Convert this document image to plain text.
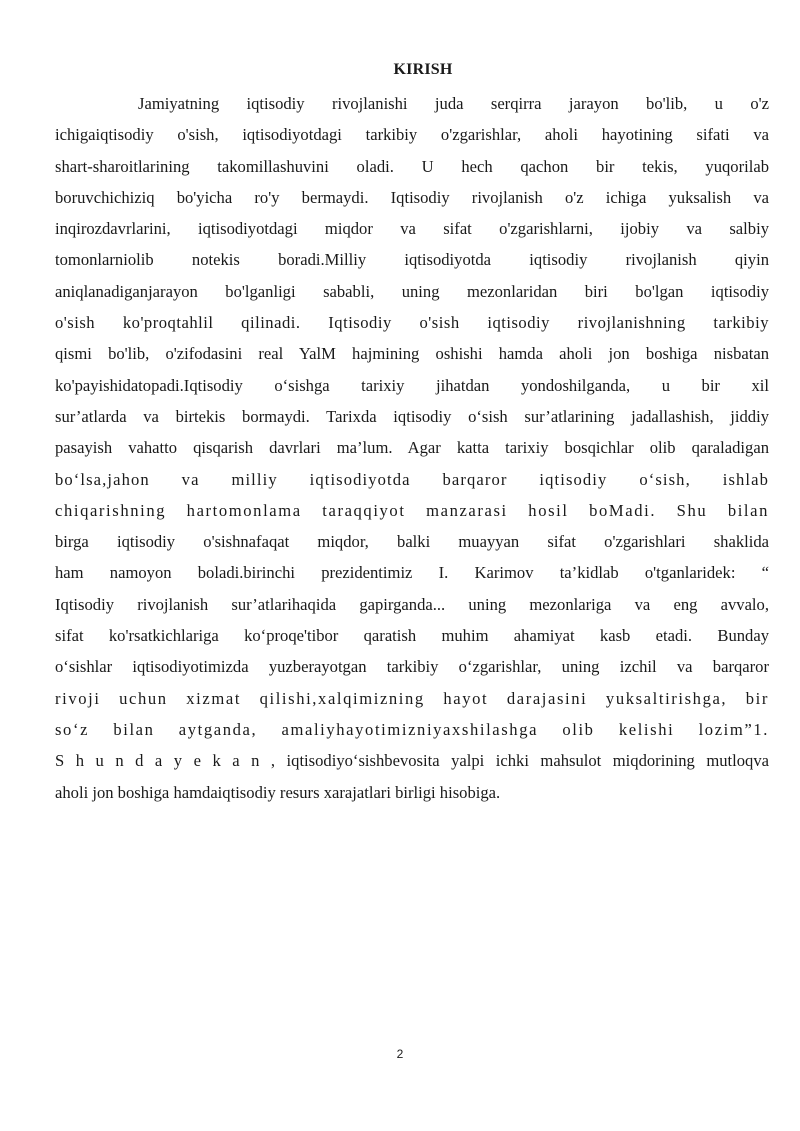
KIRISH
Jamiyatning iqtisodiy rivojlanishi juda serqirra jarayon bo'lib, u o'z
ichigaiqtisodiy o'sish, iqtisodiyotdagi tarkibiy o'zgarishlar, aholi hayotining sifati va
shart-sharoitlarining takomillashuvini oladi. U hech qachon bir tekis, yuqorilab
boruvchichiziq bo'yicha ro'y bermaydi. Iqtisodiy rivojlanish o'z ichiga yuksalish va
inqirozdavrlarini, iqtisodiyotdagi miqdor va sifat o'zgarishlarni, ijobiy va salbiy
tomonlarniolib notekis boradi.Milliy iqtisodiyotda iqtisodiy rivojlanish qiyin
aniqlanadiganjarayon bo'lganligi sababli, uning mezonlaridan biri bo'lgan iqtisodiy
o'sish ko'proqtahlil qilinadi. Iqtisodiy o'sish iqtisodiy rivojlanishning tarkibiy
qismi bo'lib, o'zifodasini real YalM hajmining oshishi hamda aholi jon boshiga nisbatan
ko'payishidatopadi.Iqtisodiy o‘sishga tarixiy jihatdan yondoshilganda, u bir xil
sur’atlarda va birtekis bormaydi. Tarixda iqtisodiy o‘sish sur’atlarining jadallashish, jiddiy
pasayish vahatto qisqarish davrlari ma’lum. Agar katta tarixiy bosqichlar olib qaraladigan
bo‘lsa,jahon va milliy iqtisodiyotda barqaror iqtisodiy o‘sish, ishlab
chiqarishning hartomonlama taraqqiyot manzarasi hosil boMadi. Shu bilan
birga iqtisodiy o'sishnafaqat miqdor, balki muayyan sifat o'zgarishlari shaklida
ham namoyon boladi.birinchi prezidentimiz I. Karimov ta’kidlab o'tganlaridek: “
Iqtisodiy rivojlanish sur’atlarihaqida gapirganda... uning mezonlariga va eng avvalo,
sifat ko'rsatkichlariga ko‘proqe'tibor qaratish muhim ahamiyat kasb etadi. Bunday
o‘sishlar iqtisodiyotimizda yuzberayotgan tarkibiy o‘zgarishlar, uning izchil va barqaror
rivoji uchun xizmat qilishi,xalqimizning hayot darajasini yuksaltirishga, bir
so‘z bilan aytganda, amaliyhayotimizniyaxshilashga olib kelishi lozim”1.
S h u n d a y e k a n , iqtisodiyo‘sishbevosita yalpi ichki mahsulot miqdorining mutloqva
aholi jon boshiga hamdaiqtisodiy resurs xarajatlari birligi hisobiga.
2
